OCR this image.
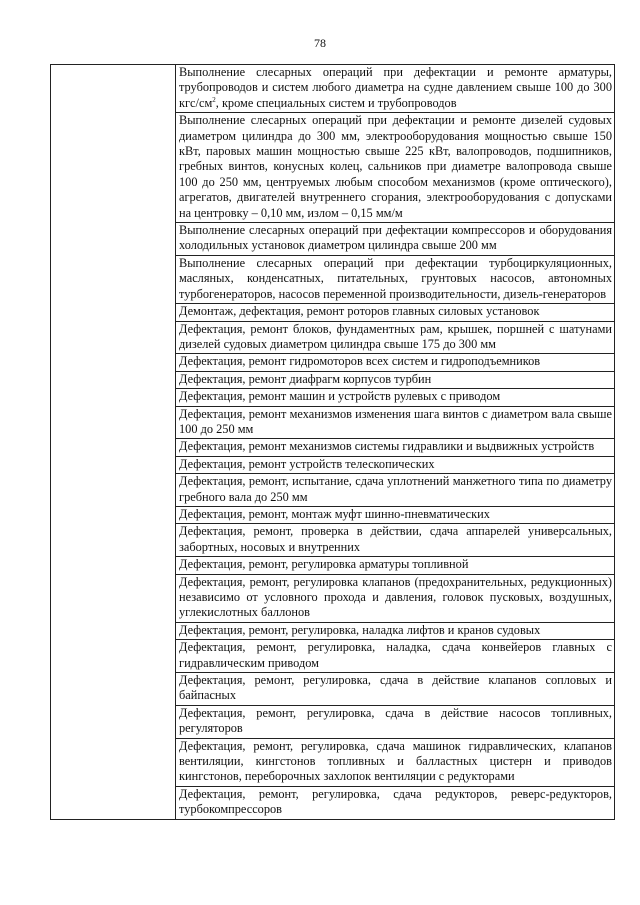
78
	Выполнение слесарных операций при дефектации и ремонте арматуры, трубопроводов и систем любого диаметра на судне давлением свыше 100 до 300 кгс/$см^2$, кроме специальных систем и трубопроводов
Выполнение слесарных операций при дефектации и ремонте дизелей судовых диаметром цилиндра до 300 мм, электрооборудования мощностью свыше 150 кВт, паровых машин мощностью свыше 225 кВт, валопроводов, подшипников, гребных винтов, конусных колец, сальников при диаметре валопровода свыше 100 до 250 мм, центруемых любым способом механизмов (кроме оптического), агрегатов, двигателей внутреннего сгорания, электрооборудования с допусками на центровку – 0,10 мм, излом – 0,15 мм/м
Выполнение слесарных операций при дефектации компрессоров и оборудования холодильных установок диаметром цилиндра свыше 200 мм
Выполнение слесарных операций при дефектации турбоциркуляционных, масляных, конденсатных, питательных, грунтовых насосов, автономных турбогенераторов, насосов переменной производительности, дизель-генераторов
Демонтаж, дефектация, ремонт роторов главных силовых установок
Дефектация, ремонт блоков, фундаментных рам, крышек, поршней с шатунами дизелей судовых диаметром цилиндра свыше 175 до 300 мм
Дефектация, ремонт гидромоторов всех систем и гидроподъемников
Дефектация, ремонт диафрагм корпусов турбин
Дефектация, ремонт машин и устройств рулевых с приводом
Дефектация, ремонт механизмов изменения шага винтов с диаметром вала свыше 100 до 250 мм
Дефектация, ремонт механизмов системы гидравлики и выдвижных устройств
Дефектация, ремонт устройств телескопических
Дефектация, ремонт, испытание, сдача уплотнений манжетного типа по диаметру гребного вала до 250 мм
Дефектация, ремонт, монтаж муфт шинно-пневматических
Дефектация, ремонт, проверка в действии, сдача аппарелей универсальных, забортных, носовых и внутренних
Дефектация, ремонт, регулировка арматуры топливной
Дефектация, ремонт, регулировка клапанов (предохранительных, редукционных) независимо от условного прохода и давления, головок пусковых, воздушных, углекислотных баллонов
Дефектация, ремонт, регулировка, наладка лифтов и кранов судовых
Дефектация, ремонт, регулировка, наладка, сдача конвейеров главных с гидравлическим приводом
Дефектация, ремонт, регулировка, сдача в действие клапанов сопловых и байпасных
Дефектация, ремонт, регулировка, сдача в действие насосов топливных, регуляторов
Дефектация, ремонт, регулировка, сдача машинок гидравлических, клапанов вентиляции, кингстонов топливных и балластных цистерн и приводов кингстонов, переборочных захлопок вентиляции с редукторами
Дефектация, ремонт, регулировка, сдача редукторов, реверс-редукторов, турбокомпрессоров
